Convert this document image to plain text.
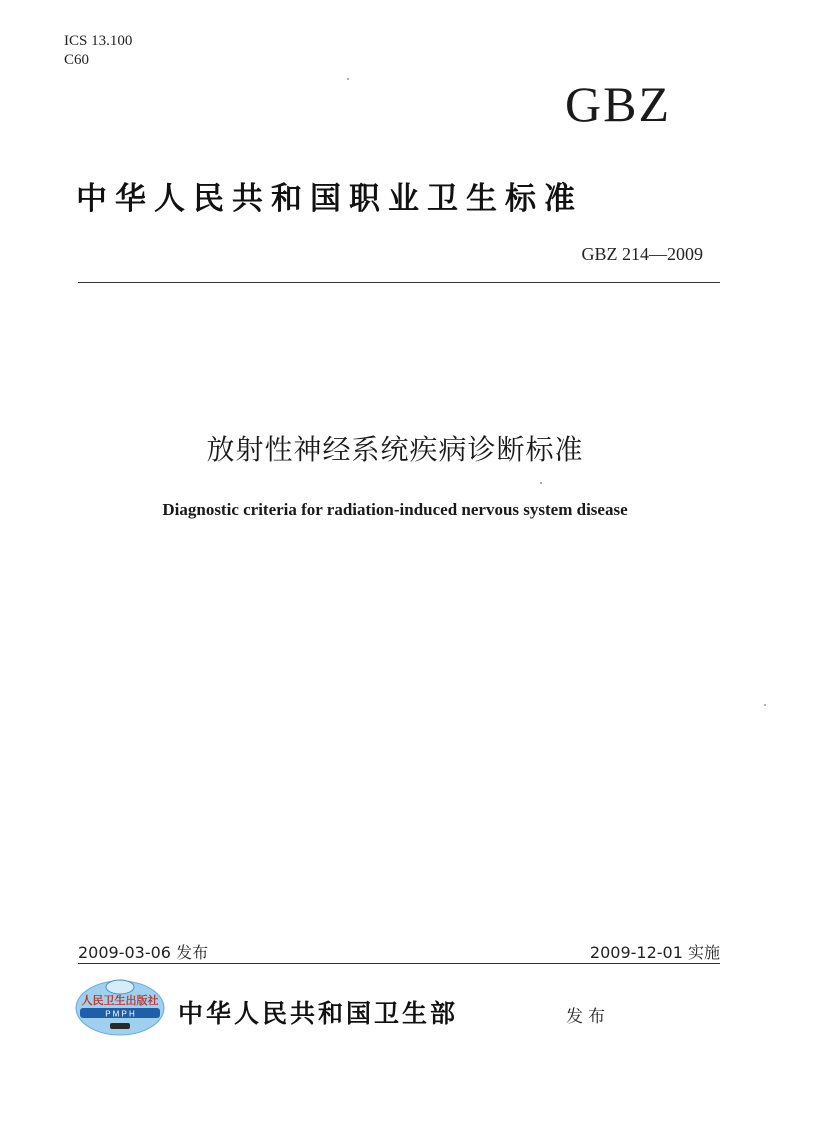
ICS 13.100
C60
GBZ
中华人民共和国职业卫生标准
GBZ 214—2009
放射性神经系统疾病诊断标准
Diagnostic criteria for radiation-induced nervous system disease
2009-03-06 发布	2009-12-01 实施
人民卫生出版社
P M P H 中华人民共和国卫生部	发布
